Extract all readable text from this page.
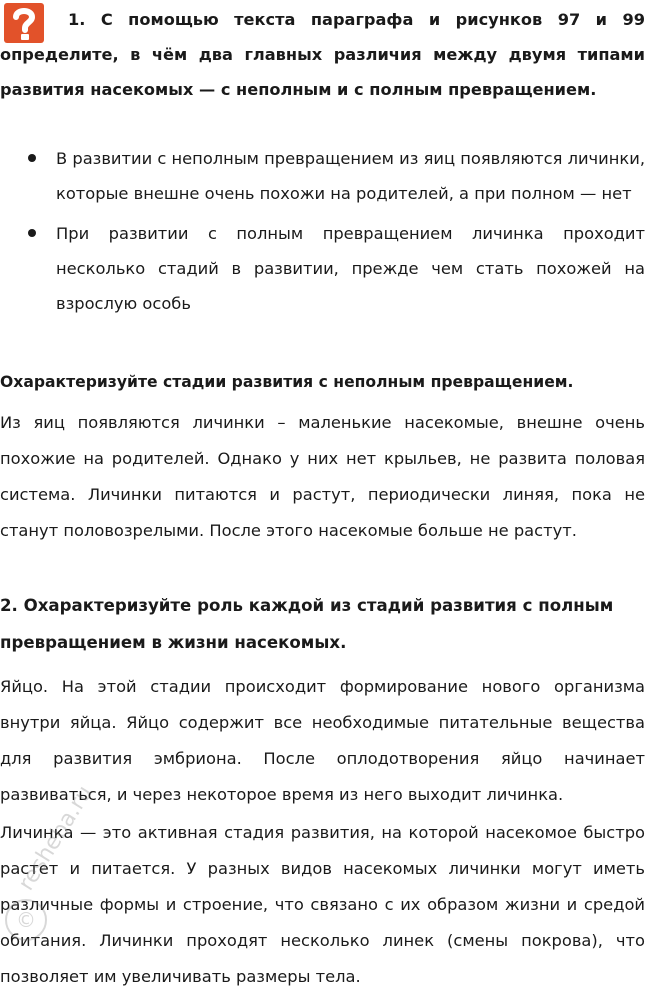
1. С помощью текста параграфа и рисунков 97 и 99 определите, в чём два главных различия между двумя типами развития насекомых — с неполным и с полным превращением.

В развитии с неполным превращением из яиц появляются личинки, которые внешне очень похожи на родителей, а при полном — нет
При развитии с полным превращением личинка проходит несколько стадий в развитии, прежде чем стать похожей на взрослую особь

Охарактеризуйте стадии развития с неполным превращением.

Из яиц появляются личинки – маленькие насекомые, внешне очень похожие на родителей. Однако у них нет крыльев, не развита половая система. Личинки питаются и растут, периодически линяя, пока не станут половозрелыми. После этого насекомые больше не растут.

2. Охарактеризуйте роль каждой из стадий развития с полным превращением в жизни насекомых.

Яйцо. На этой стадии происходит формирование нового организма внутри яйца. Яйцо содержит все необходимые питательные вещества для развития эмбриона. После оплодотворения яйцо начинает развиваться, и через некоторое время из него выходит личинка.

Личинка — это активная стадия развития, на которой насекомое быстро растет и питается. У разных видов насекомых личинки могут иметь различные формы и строение, что связано с их образом жизни и средой обитания. Личинки проходят несколько линек (смены покрова), что позволяет им увеличивать размеры тела.

©
resheba.ru
